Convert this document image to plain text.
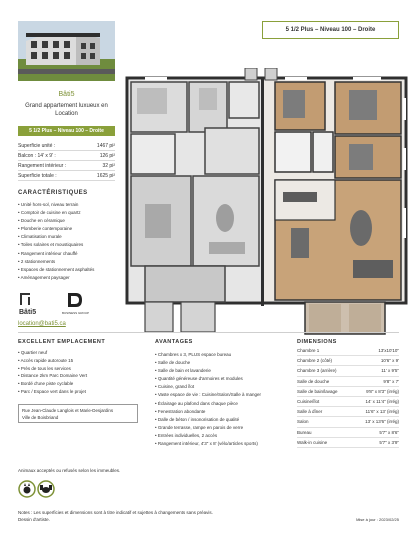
Bâti5
Grand appartement luxueux en Location
5 1/2 Plus – Niveau 100 – Droite
Superficie unité :	1467 pi²
Balcon : 14' x 9' :	126 pi²
Rangement intérieur :	32 pi²
Superficie totale :	1625 pi²
CARACTÉRISTIQUES
• Unité hors-sol, niveau terrain
• Comptoir de cuisine en quartz
• Douche en céramique
• Plomberie contemporaine
• Climatisation murale
• Toiles solaires et moustiquaires
• Rangement intérieur chauffé
• 2 stationnements
• Espaces de stationnement asphaltés
• Aménagement paysager
Bâti5	BUSINESS GROUP
location@bati5.ca
5 1/2 Plus – Niveau 100 – Droite
EXCELLENT EMPLACEMENT
• Quartier neuf
• Accès rapide autoroute 15
• Près de tous les services
• Distance 2km Parc Domaine Vert
• Bordé d'une piste cyclable
• Parc / Espace vert dans le projet
Rue Jean-Claude Langlois et Marie-Desjardins
Ville de Boisbriand
AVANTAGES
• Chambres x 3, PLUS espace bureau
• Salle de douche
• Salle de bain et lavanderie
• Quantité généreuse d'armoires et modules
• Cuisine, grand îlot
• Vaste espace de vie : Cuisine/Salon/Salle à manger
• Éclairage au plafond dans chaque pièce
• Fenestration abondante
• Dalle de béton / insonorisation de qualité
• Grande terrasse, rampe en parois de verre
• Entrées individuelles, 2 accès
• Rangement intérieur, 4'3" x 8' (vélo/articles sports)
DIMENSIONS
Chambre 1	13'x10'10"
Chambre 2 (côté)	10'6" x 9'
Chambre 3 (arrière)	11' x 9'5"
Salle de douche	9'8" x 7'
Salle de bain/lavage	9'8" x 8'3" (irrég)
Cuisine/îlot	14' x 11'4" (irrég)
Salle à dîner	11'6" x 13' (irrég)
Salon	13' x 13'6" (irrég)
Bureau	5'7" x 8'6"
Walk-in cuisine	5'7" x 3'9"
Animaux acceptés ou refusés selon les immeubles.
Notes : Les superficies et dimensions sont à titre indicatif et sujettes à changements sans préavis.
Dessin d'artiste.	Mise à jour : 2023/02/25
